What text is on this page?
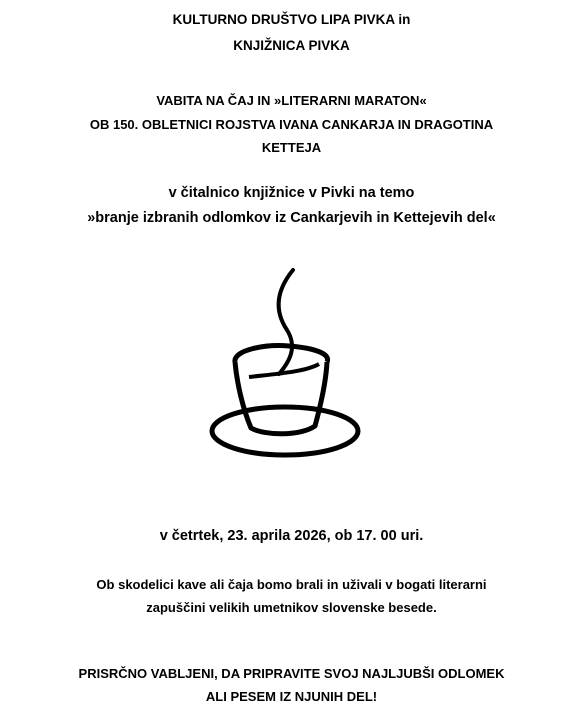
KULTURNO DRUŠTVO LIPA PIVKA in
KNJIŽNICA PIVKA
VABITA NA ČAJ IN »LITERARNI MARATON«
OB 150. OBLETNICI ROJSTVA IVANA CANKARJA IN DRAGOTINA
KETTEJA
v čitalnico knjižnice v Pivki na temo
»branje izbranih odlomkov iz Cankarjevih in Kettejevih del«
v četrtek, 23. aprila 2026, ob 17. 00 uri.
Ob skodelici kave ali čaja bomo brali in uživali v bogati literarni
zapuščini velikih umetnikov slovenske besede.
PRISRČNO VABLJENI, DA PRIPRAVITE SVOJ NAJLJUBŠI ODLOMEK
ALI PESEM IZ NJUNIH DEL!
